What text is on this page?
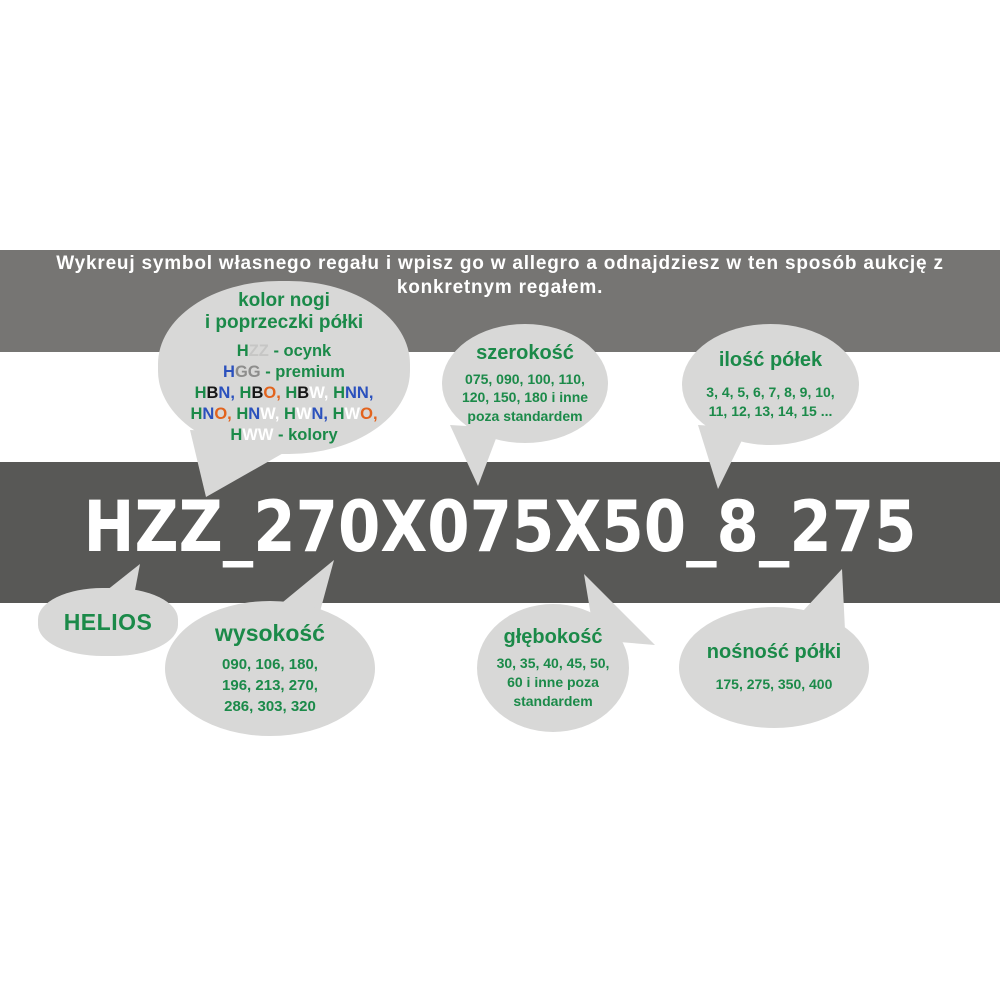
Wykreuj symbol własnego regału i wpisz go w allegro a odnajdziesz w ten sposób aukcję z
konkretnym regałem.
HZZ_270X075X50_8_275
kolor nogi
i poprzeczki półki
HZZ - ocynk
HGG - premium
HBN, HBO, HBW, HNN,
HNO, HNW, HWN, HWO,
HWW - kolory
szerokość
075, 090, 100, 110,
120, 150, 180 i inne
poza standardem
ilość półek
3, 4, 5, 6, 7, 8, 9, 10,
11, 12, 13, 14, 15 ...
HELIOS	wysokość
090, 106, 180,
196, 213, 270,
286, 303, 320
głębokość
30, 35, 40, 45, 50,
60 i inne poza
standardem
nośność półki
175, 275, 350, 400
